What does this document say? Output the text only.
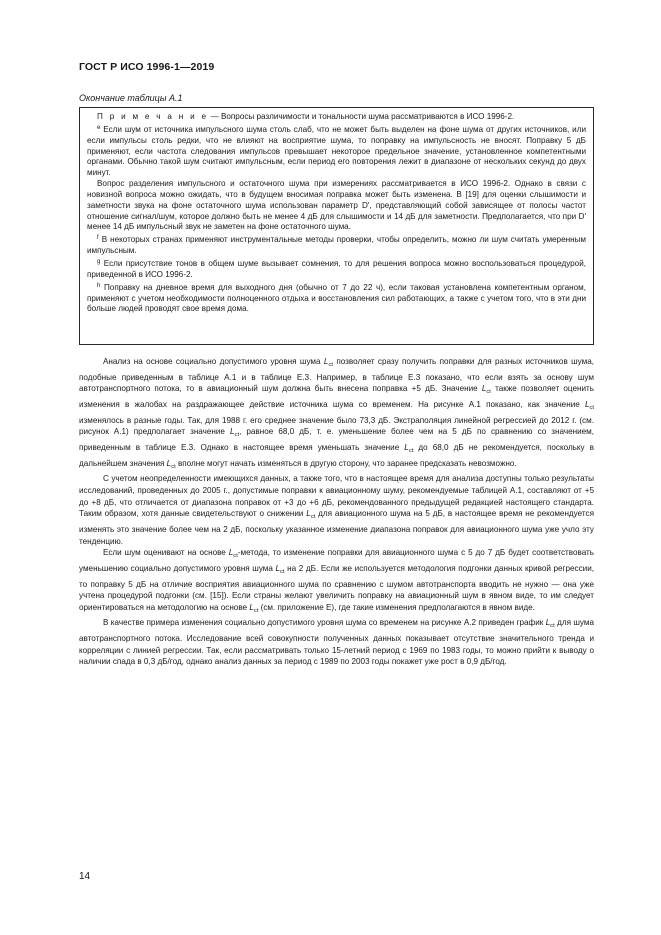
ГОСТ Р ИСО 1996-1—2019
Окончание таблицы А.1

П р и м е ч а н и е — Вопросы различимости и тональности шума рассматриваются в ИСО 1996-2.

$^e$ Если шум от источника импульсного шума столь слаб, что не может быть выделен на фоне шума от других источников, или если импульсы столь редки, что не влияют на восприятие шума, то поправку на импульсность не вносят. Поправку 5 дБ применяют, если частота следования импульсов превышает некоторое предельное значение, установленное компетентными органами. Обычно такой шум считают импульсным, если период его повторения лежит в диапазоне от нескольких секунд до двух минут.

Вопрос разделения импульсного и остаточного шума при измерениях рассматривается в ИСО 1996-2. Однако в связи с новизной вопроса можно ожидать, что в будущем вносимая поправка может быть изменена. В [19] для оценки слышимости и заметности звука на фоне остаточного шума использован параметр D', представляющий собой зависящее от полосы частот отношение сигнал/шум, которое должно быть не менее 4 дБ для слышимости и 14 дБ для заметности. Предполагается, что при D' менее 14 дБ импульсный звук не заметен на фоне остаточного шума.

$^f$ В некоторых странах применяют инструментальные методы проверки, чтобы определить, можно ли шум считать умеренным импульсным.

$^g$ Если присутствие тонов в общем шуме вызывает сомнения, то для решения вопроса можно воспользоваться процедурой, приведенной в ИСО 1996-2.

$^h$ Поправку на дневное время для выходного дня (обычно от 7 до 22 ч), если таковая установлена компетентным органом, применяют с учетом необходимости полноценного отдыха и восстановления сил работающих, а также с учетом того, что в эти дни больше людей проводят свое время дома.

Анализ на основе социально допустимого уровня шума $L_{ct}$ позволяет сразу получить поправки для разных источников шума, подобные приведенным в таблице А.1 и в таблице Е.3. Например, в таблице Е.3 показано, что если взять за основу шум автотранспортного потока, то в авиационный шум должна быть внесена поправка +5 дБ. Значение $L_{ct}$ также позволяет оценить изменения в жалобах на раздражающее действие источника шума со временем. На рисунке А.1 показано, как значение $L_{ct}$ изменялось в разные годы. Так, для 1988 г. его среднее значение было 73,3 дБ. Экстраполяция линейной регрессией до 2012 г. (см. рисунок А.1) предполагает значение $L_{ct}$, равное 68,0 дБ, т. е. уменьшение более чем на 5 дБ по сравнению со значением, приведенным в таблице Е.3. Однако в настоящее время уменьшать значение $L_{ct}$ до 68,0 дБ не рекомендуется, поскольку в дальнейшем значения $L_{ct}$ вполне могут начать изменяться в другую сторону, что заранее предсказать невозможно.

С учетом неопределенности имеющихся данных, а также того, что в настоящее время для анализа доступны только результаты исследований, проведенных до 2005 г., допустимые поправки к авиационному шуму, рекомендуемые таблицей А.1, составляют от +5 до +8 дБ, что отличается от диапазона поправок от +3 до +6 дБ, рекомендованного предыдущей редакцией настоящего стандарта. Таким образом, хотя данные свидетельствуют о снижении $L_{ct}$ для авиационного шума на 5 дБ, в настоящее время не рекомендуется изменять это значение более чем на 2 дБ, поскольку указанное изменение диапазона поправок для авиационного шума уже учло эту тенденцию.

Если шум оценивают на основе $L_{ct}$-метода, то изменение поправки для авиационного шума с 5 до 7 дБ будет соответствовать уменьшению социально допустимого уровня шума $L_{ct}$ на 2 дБ. Если же используется методология подгонки данных кривой регрессии, то поправку 5 дБ на отличие восприятия авиационного шума по сравнению с шумом автотранспорта вводить не нужно — она уже учтена процедурой подгонки (см. [15]). Если страны желают увеличить поправку на авиационный шум в явном виде, то им следует ориентироваться на методологию на основе $L_{ct}$ (см. приложение Е), где такие изменения предполагаются в явном виде.

В качестве примера изменения социально допустимого уровня шума со временем на рисунке А.2 приведен график $L_{ct}$ для шума автотранспортного потока. Исследование всей совокупности полученных данных показывает отсутствие значительного тренда и корреляции с линией регрессии. Так, если рассматривать только 15-летний период с 1969 по 1983 годы, то можно прийти к выводу о наличии спада в 0,3 дБ/год, однако анализ данных за период с 1989 по 2003 годы покажет уже рост в 0,9 дБ/год.

14
